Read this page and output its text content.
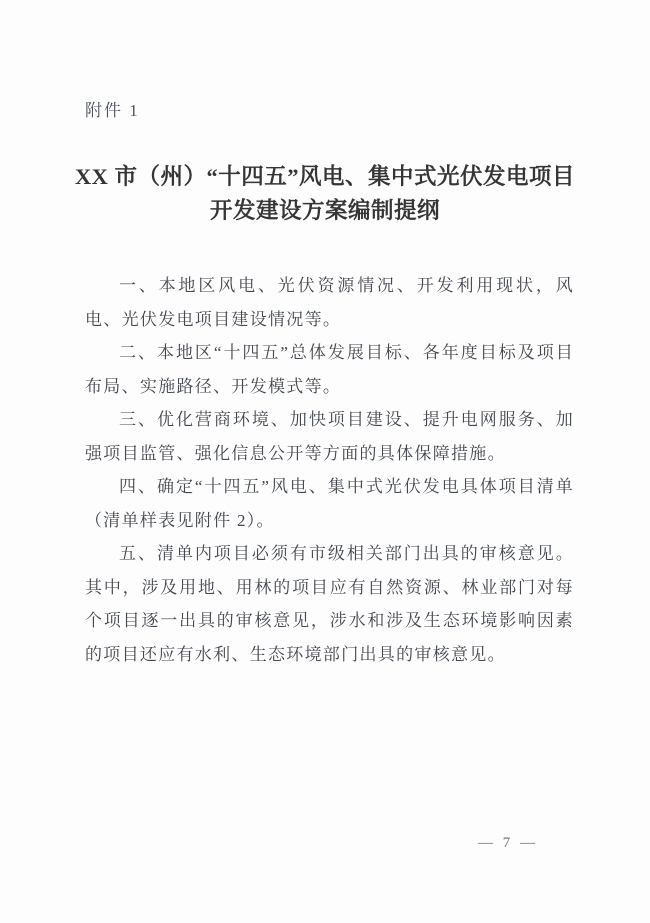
附件 1
XX 市（州）“十四五”风电、集中式光伏发电项目
开发建设方案编制提纲

一、本地区风电、光伏资源情况、开发利用现状，风电、光伏发电项目建设情况等。

二、本地区“十四五”总体发展目标、各年度目标及项目布局、实施路径、开发模式等。

三、优化营商环境、加快项目建设、提升电网服务、加强项目监管、强化信息公开等方面的具体保障措施。

四、确定“十四五”风电、集中式光伏发电具体项目清单（清单样表见附件 2）。

五、清单内项目必须有市级相关部门出具的审核意见。其中，涉及用地、用林的项目应有自然资源、林业部门对每个项目逐一出具的审核意见，涉水和涉及生态环境影响因素的项目还应有水利、生态环境部门出具的审核意见。

— 7 —
